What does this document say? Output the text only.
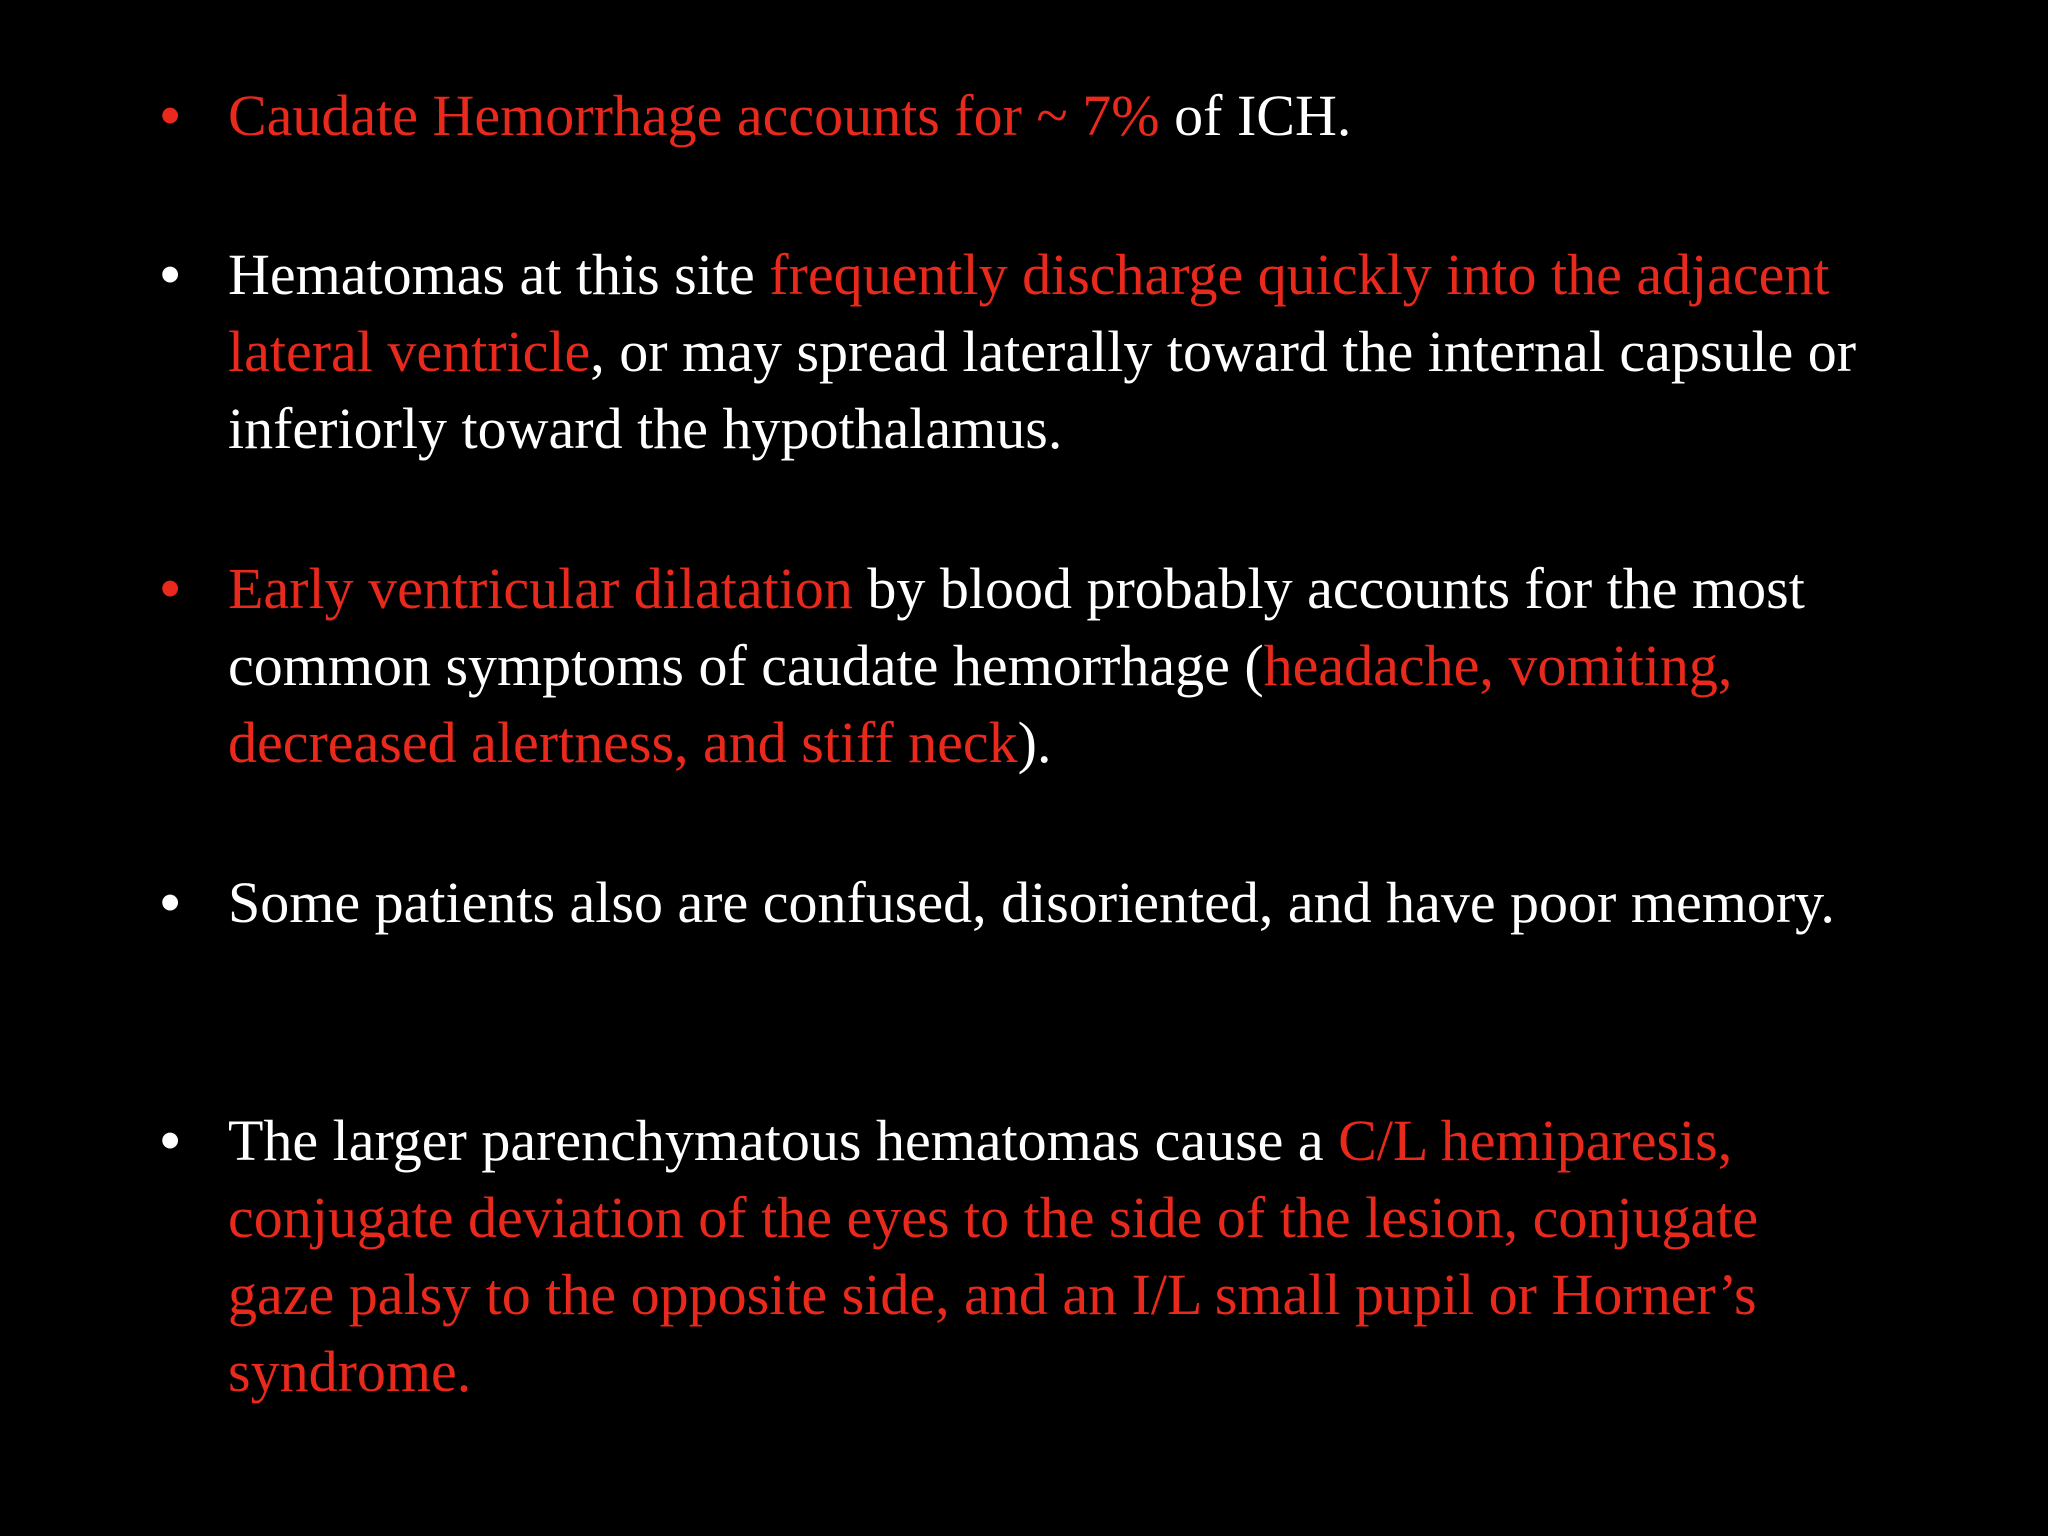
• Caudate Hemorrhage accounts for ~ 7% of ICH.
• Hematomas at this site frequently discharge quickly into the adjacent lateral ventricle, or may spread laterally toward the internal capsule or inferiorly toward the hypothalamus.
• Early ventricular dilatation by blood probably accounts for the most common symptoms of caudate hemorrhage (headache, vomiting, decreased alertness, and stiff neck).
• Some patients also are confused, disoriented, and have poor memory.
• The larger parenchymatous hematomas cause a C/L hemiparesis, conjugate deviation of the eyes to the side of the lesion, conjugate gaze palsy to the opposite side, and an I/L small pupil or Horner’s syndrome.
